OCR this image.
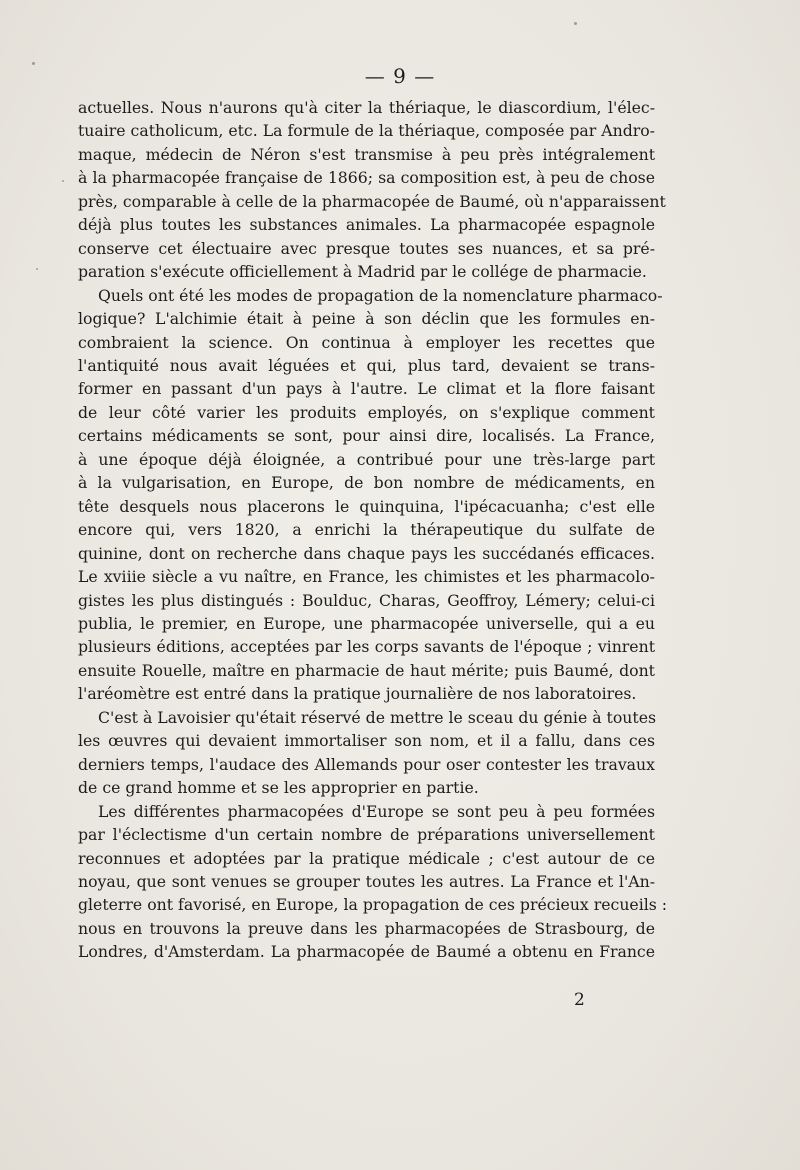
— 9 —

actuelles. Nous n'aurons qu'à citer la thériaque, le diascordium, l'élec-
tuaire catholicum, etc. La formule de la thériaque, composée par Andro-
maque, médecin de Néron s'est transmise à peu près intégralement
à la pharmacopée française de 1866; sa composition est, à peu de chose
près, comparable à celle de la pharmacopée de Baumé, où n'apparaissent
déjà plus toutes les substances animales. La pharmacopée espagnole
conserve cet électuaire avec presque toutes ses nuances, et sa pré-
paration s'exécute officiellement à Madrid par le collége de pharmacie.

Quels ont été les modes de propagation de la nomenclature pharmaco-
logique? L'alchimie était à peine à son déclin que les formules en-
combraient la science. On continua à employer les recettes que
l'antiquité nous avait léguées et qui, plus tard, devaient se trans-
former en passant d'un pays à l'autre. Le climat et la flore faisant
de leur côté varier les produits employés, on s'explique comment
certains médicaments se sont, pour ainsi dire, localisés. La France,
à une époque déjà éloignée, a contribué pour une très-large part
à la vulgarisation, en Europe, de bon nombre de médicaments, en
tête desquels nous placerons le quinquina, l'ipécacuanha; c'est elle
encore qui, vers 1820, a enrichi la thérapeutique du sulfate de
quinine, dont on recherche dans chaque pays les succédanés efficaces.
Le xviiie siècle a vu naître, en France, les chimistes et les pharmacolo-
gistes les plus distingués : Boulduc, Charas, Geoffroy, Lémery; celui-ci
publia, le premier, en Europe, une pharmacopée universelle, qui a eu
plusieurs éditions, acceptées par les corps savants de l'époque ; vinrent
ensuite Rouelle, maître en pharmacie de haut mérite; puis Baumé, dont
l'aréomètre est entré dans la pratique journalière de nos laboratoires.

C'est à Lavoisier qu'était réservé de mettre le sceau du génie à toutes
les œuvres qui devaient immortaliser son nom, et il a fallu, dans ces
derniers temps, l'audace des Allemands pour oser contester les travaux
de ce grand homme et se les approprier en partie.

Les différentes pharmacopées d'Europe se sont peu à peu formées
par l'éclectisme d'un certain nombre de préparations universellement
reconnues et adoptées par la pratique médicale ; c'est autour de ce
noyau, que sont venues se grouper toutes les autres. La France et l'An-
gleterre ont favorisé, en Europe, la propagation de ces précieux recueils :
nous en trouvons la preuve dans les pharmacopées de Strasbourg, de
Londres, d'Amsterdam. La pharmacopée de Baumé a obtenu en France

2
